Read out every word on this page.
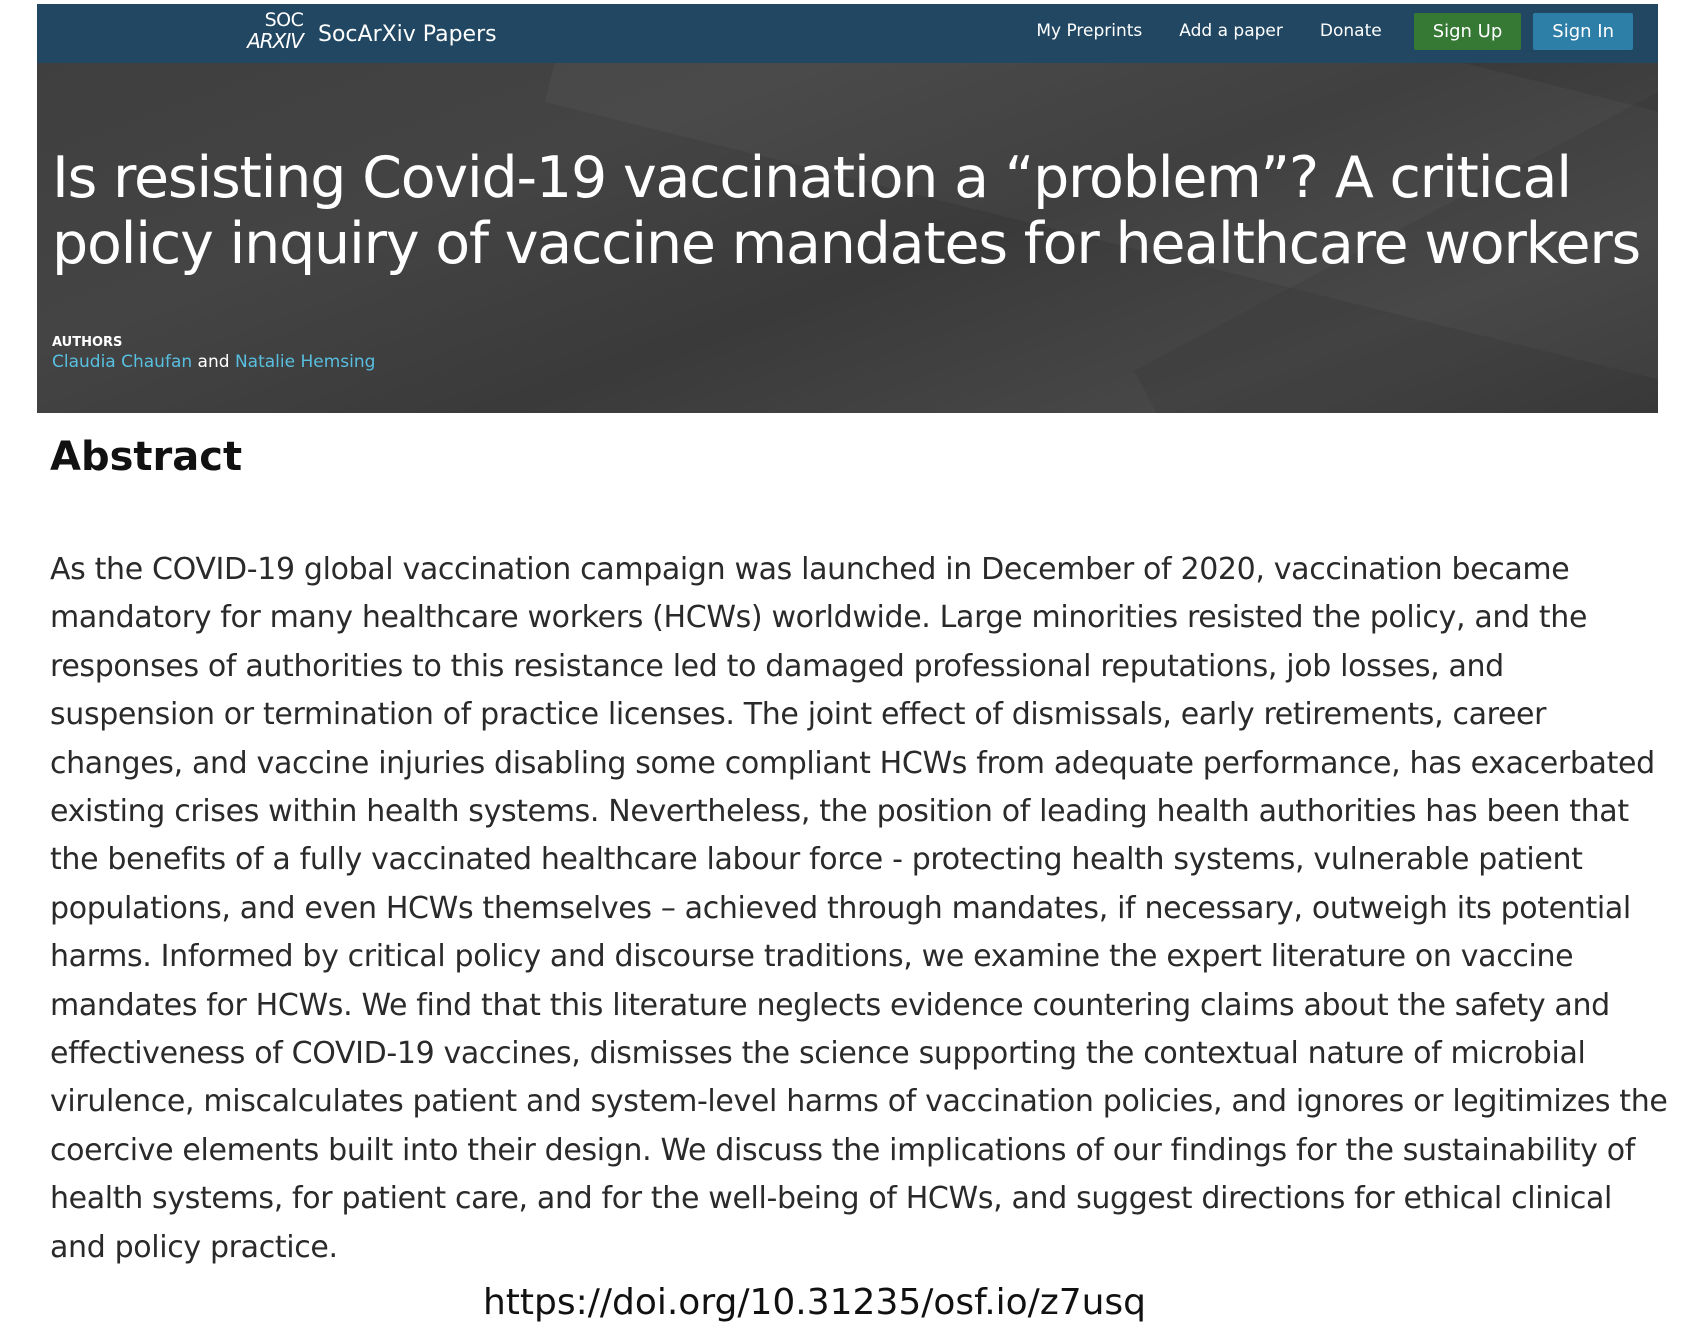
SOC
ARXIV SocArXiv Papers	My Preprints Add a paper Donate	Sign Up	Sign In
Is resisting Covid-19 vaccination a “problem”? A critical policy inquiry of vaccine mandates for healthcare workers
AUTHORS
Claudia Chaufan and Natalie Hemsing
Abstract

As the COVID-19 global vaccination campaign was launched in December of 2020, vaccination became mandatory for many healthcare workers (HCWs) worldwide. Large minorities resisted the policy, and the responses of authorities to this resistance led to damaged professional reputations, job losses, and suspension or termination of practice licenses. The joint effect of dismissals, early retirements, career changes, and vaccine injuries disabling some compliant HCWs from adequate performance, has exacerbated existing crises within health systems. Nevertheless, the position of leading health authorities has been that the benefits of a fully vaccinated healthcare labour force - protecting health systems, vulnerable patient populations, and even HCWs themselves – achieved through mandates, if necessary, outweigh its potential harms. Informed by critical policy and discourse traditions, we examine the expert literature on vaccine mandates for HCWs. We find that this literature neglects evidence countering claims about the safety and effectiveness of COVID-19 vaccines, dismisses the science supporting the contextual nature of microbial virulence, miscalculates patient and system-level harms of vaccination policies, and ignores or legitimizes the coercive elements built into their design. We discuss the implications of our findings for the sustainability of health systems, for patient care, and for the well-being of HCWs, and suggest directions for ethical clinical and policy practice.

https://doi.org/10.31235/osf.io/z7usq
